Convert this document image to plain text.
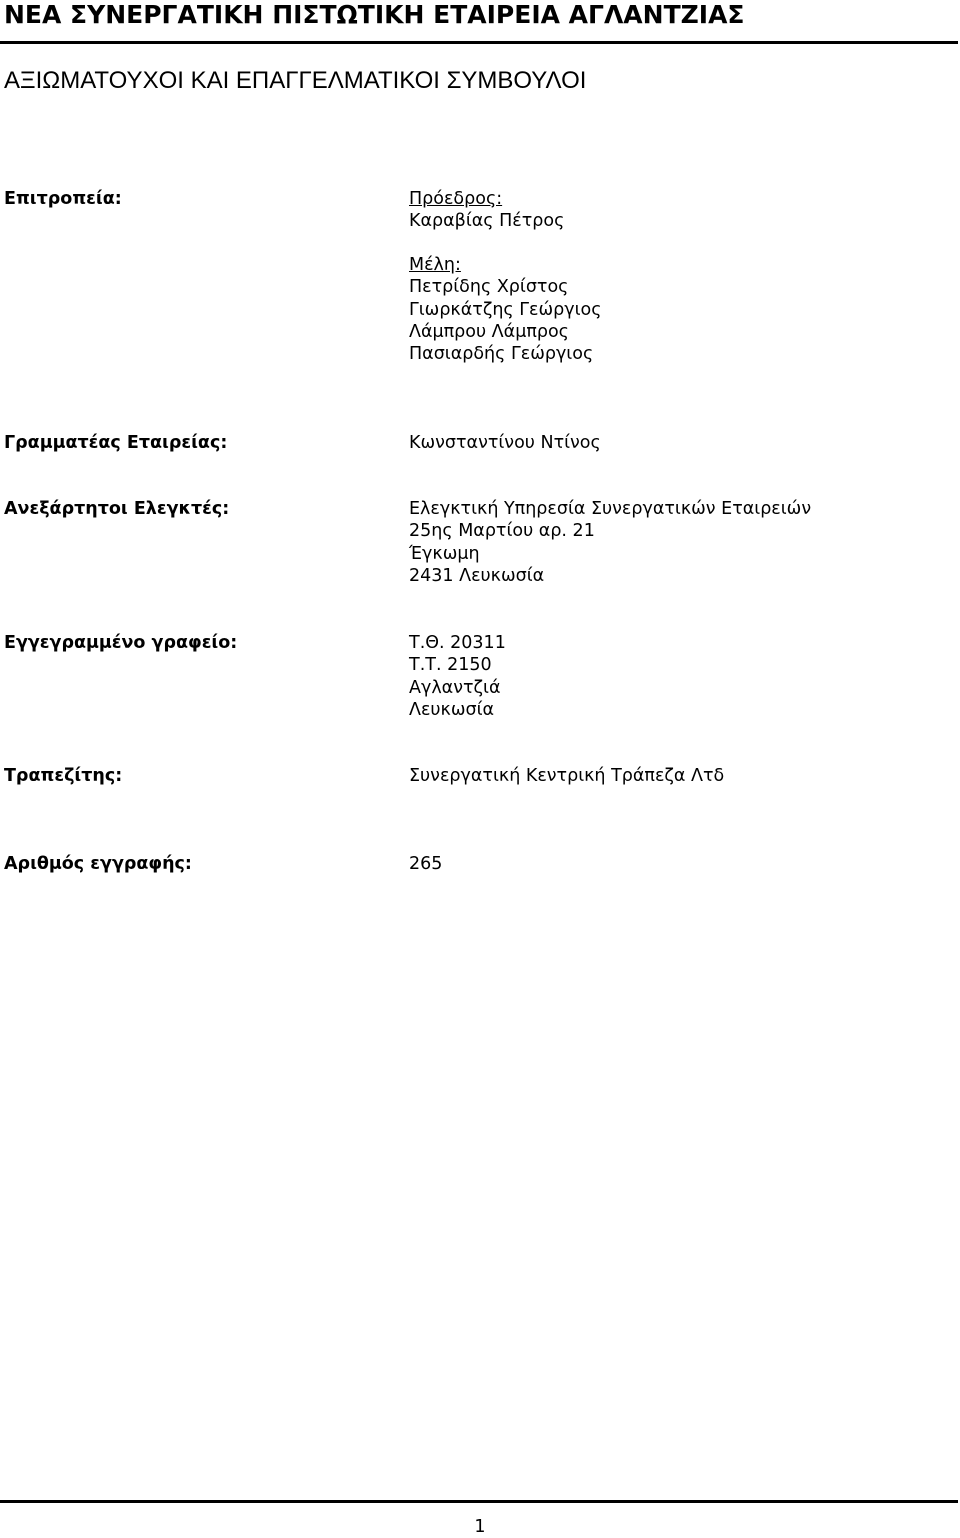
ΝΕΑ ΣΥΝΕΡΓΑΤΙΚΗ ΠΙΣΤΩΤΙΚΗ ΕΤΑΙΡΕΙΑ ΑΓΛΑΝΤΖΙΑΣ
ΑΞΙΩΜΑΤΟΥΧΟΙ ΚΑΙ ΕΠΑΓΓΕΛΜΑΤΙΚΟΙ ΣΥΜΒΟΥΛΟΙ
Επιτροπεία:	Πρόεδρος:
Καραβίας Πέτρος
Μέλη:
Πετρίδης Χρίστος
Γιωρκάτζης Γεώργιος
Λάμπρου Λάμπρος
Πασιαρδής Γεώργιος
Γραμματέας Εταιρείας:	Κωνσταντίνου Ντίνος
Ανεξάρτητοι Ελεγκτές:	Ελεγκτική Υπηρεσία Συνεργατικών Εταιρειών
25ης Μαρτίου αρ. 21
Έγκωμη
2431 Λευκωσία
Εγγεγραμμένο γραφείο:	Τ.Θ. 20311
Τ.Τ. 2150
Αγλαντζιά
Λευκωσία
Τραπεζίτης:	Συνεργατική Κεντρική Τράπεζα Λτδ
Αριθμός εγγραφής:	265
1
